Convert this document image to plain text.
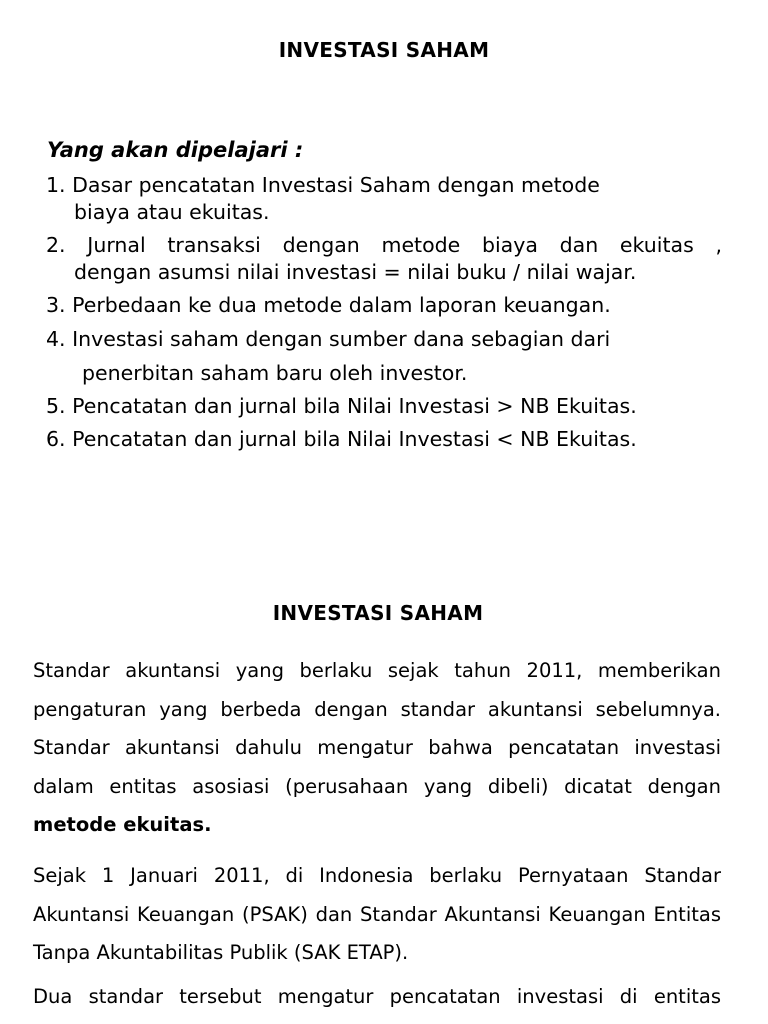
INVESTASI SAHAM
Yang akan dipelajari :
1. Dasar pencatatan Investasi Saham dengan metode
biaya atau ekuitas.
2. Jurnal transaksi dengan metode biaya dan ekuitas ,
dengan asumsi nilai investasi = nilai buku / nilai wajar.
3. Perbedaan ke dua metode dalam laporan keuangan.
4. Investasi saham dengan sumber dana sebagian dari
penerbitan saham baru oleh investor.
5. Pencatatan dan jurnal bila Nilai Investasi > NB Ekuitas.
6. Pencatatan dan jurnal bila Nilai Investasi < NB Ekuitas.
INVESTASI SAHAM

Standar akuntansi yang berlaku sejak tahun 2011, memberikan pengaturan yang berbeda dengan standar akuntansi sebelumnya. Standar akuntansi dahulu mengatur bahwa pencatatan investasi dalam entitas asosiasi (perusahaan yang dibeli) dicatat dengan metode ekuitas.

Sejak 1 Januari 2011, di Indonesia berlaku Pernyataan Standar Akuntansi Keuangan (PSAK) dan Standar Akuntansi Keuangan Entitas Tanpa Akuntabilitas Publik (SAK ETAP).

Dua standar tersebut mengatur pencatatan investasi di entitas
